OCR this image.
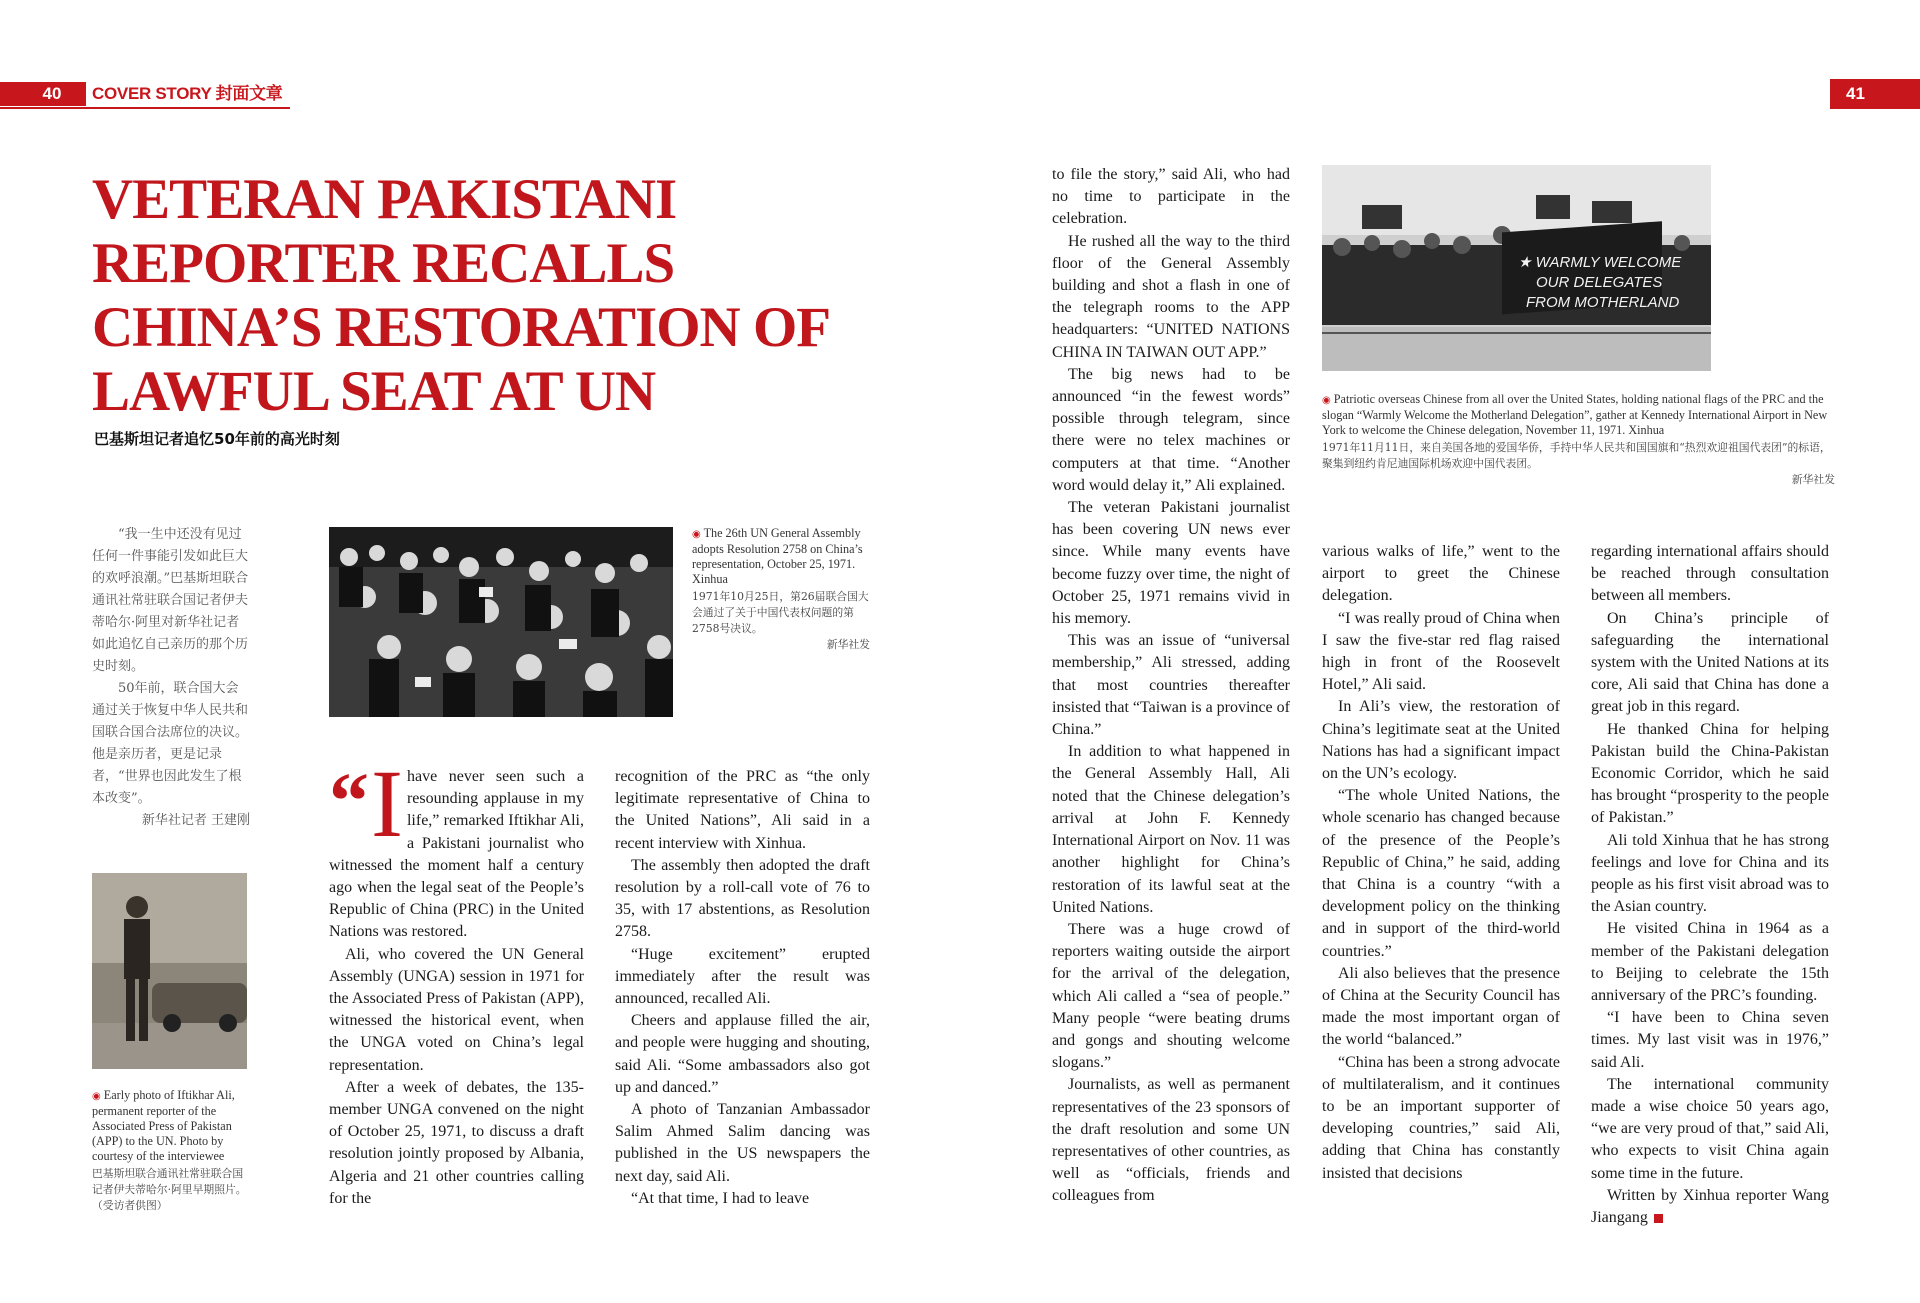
40	COVER STORY 封面文章	41
VETERAN PAKISTANI
REPORTER RECALLS
CHINA’S RESTORATION OF
LAWFUL SEAT AT UN
巴基斯坦记者追忆50年前的高光时刻

“我一生中还没有见过任何一件事能引发如此巨大的欢呼浪潮。”巴基斯坦联合通讯社常驻联合国记者伊夫蒂哈尔·阿里对新华社记者如此追忆自己亲历的那个历史时刻。

50年前，联合国大会通过关于恢复中华人民共和国联合国合法席位的决议。他是亲历者，更是记录者，“世界也因此发生了根本改变”。

新华社记者 王建刚

◉ The 26th UN General Assembly adopts Resolution 2758 on China’s representation, October 25, 1971. Xinhua
1971年10月25日，第26届联合国大会通过了关于中国代表权问题的第2758号决议。
新华社发
◉ Early photo of Iftikhar Ali, permanent reporter of the Associated Press of Pakistan (APP) to the UN. Photo by courtesy of the interviewee
巴基斯坦联合通讯社常驻联合国记者伊夫蒂哈尔·阿里早期照片。（受访者供图）
★ WARMLY WELCOME
OUR DELEGATES
FROM MOTHERLAND
◉ Patriotic overseas Chinese from all over the United States, holding national flags of the PRC and the slogan “Warmly Welcome the Motherland Delegation”, gather at Kennedy International Airport in New York to welcome the Chinese delegation, November 11, 1971. Xinhua
1971年11月11日，来自美国各地的爱国华侨，手持中华人民共和国国旗和“热烈欢迎祖国代表团”的标语，聚集到纽约肯尼迪国际机场欢迎中国代表团。
新华社发

“ I have never seen such a resounding applause in my life,” remarked Iftikhar Ali, a Pakistani journalist who witnessed the moment half a century ago when the legal seat of the People’s Republic of China (PRC) in the United Nations was restored.

Ali, who covered the UN General Assembly (UNGA) session in 1971 for the Associated Press of Pakistan (APP), witnessed the historical event, when the UNGA voted on China’s legal representation.

After a week of debates, the 135-member UNGA convened on the night of October 25, 1971, to discuss a draft resolution jointly proposed by Albania, Algeria and 21 other countries calling for the

recognition of the PRC as “the only legitimate representative of China to the United Nations”, Ali said in a recent interview with Xinhua.

The assembly then adopted the draft resolution by a roll-call vote of 76 to 35, with 17 abstentions, as Resolution 2758.

“Huge excitement” erupted immediately after the result was announced, recalled Ali.

Cheers and applause filled the air, and people were hugging and shouting, said Ali. “Some ambassadors also got up and danced.”

A photo of Tanzanian Ambassador Salim Ahmed Salim dancing was published in the US newspapers the next day, said Ali.

“At that time, I had to leave

to file the story,” said Ali, who had no time to participate in the celebration.

He rushed all the way to the third floor of the General Assembly building and shot a flash in one of the telegraph rooms to the APP headquarters: “UNITED NATIONS CHINA IN TAIWAN OUT APP.”

The big news had to be announced “in the fewest words” possible through telegram, since there were no telex machines or computers at that time. “Another word would delay it,” Ali explained.

The veteran Pakistani journalist has been covering UN news ever since. While many events have become fuzzy over time, the night of October 25, 1971 remains vivid in his memory.

This was an issue of “universal membership,” Ali stressed, adding that most countries thereafter insisted that “Taiwan is a province of China.”

In addition to what happened in the General Assembly Hall, Ali noted that the Chinese delegation’s arrival at John F. Kennedy International Airport on Nov. 11 was another highlight for China’s restoration of its lawful seat at the United Nations.

There was a huge crowd of reporters waiting outside the airport for the arrival of the delegation, which Ali called a “sea of people.” Many people “were beating drums and gongs and shouting welcome slogans.”

Journalists, as well as permanent representatives of the 23 sponsors of the draft resolution and some UN representatives of other countries, as well as “officials, friends and colleagues from

various walks of life,” went to the airport to greet the Chinese delegation.

“I was really proud of China when I saw the five-star red flag raised high in front of the Roosevelt Hotel,” Ali said.

In Ali’s view, the restoration of China’s legitimate seat at the United Nations has had a significant impact on the UN’s ecology.

“The whole United Nations, the whole scenario has changed because of the presence of the People’s Republic of China,” he said, adding that China is a country “with a development policy on the thinking and in support of the third-world countries.”

Ali also believes that the presence of China at the Security Council has made the most important organ of the world “balanced.”

“China has been a strong advocate of multilateralism, and it continues to be an important supporter of developing countries,” said Ali, adding that China has constantly insisted that decisions

regarding international affairs should be reached through consultation between all members.

On China’s principle of safeguarding the international system with the United Nations at its core, Ali said that China has done a great job in this regard.

He thanked China for helping Pakistan build the China-Pakistan Economic Corridor, which he said has brought “prosperity to the people of Pakistan.”

Ali told Xinhua that he has strong feelings and love for China and its people as his first visit abroad was to the Asian country.

He visited China in 1964 as a member of the Pakistani delegation to Beijing to celebrate the 15th anniversary of the PRC’s founding.

“I have been to China seven times. My last visit was in 1976,” said Ali.

The international community made a wise choice 50 years ago, “we are very proud of that,” said Ali, who expects to visit China again some time in the future.

Written by Xinhua reporter Wang Jiangang
